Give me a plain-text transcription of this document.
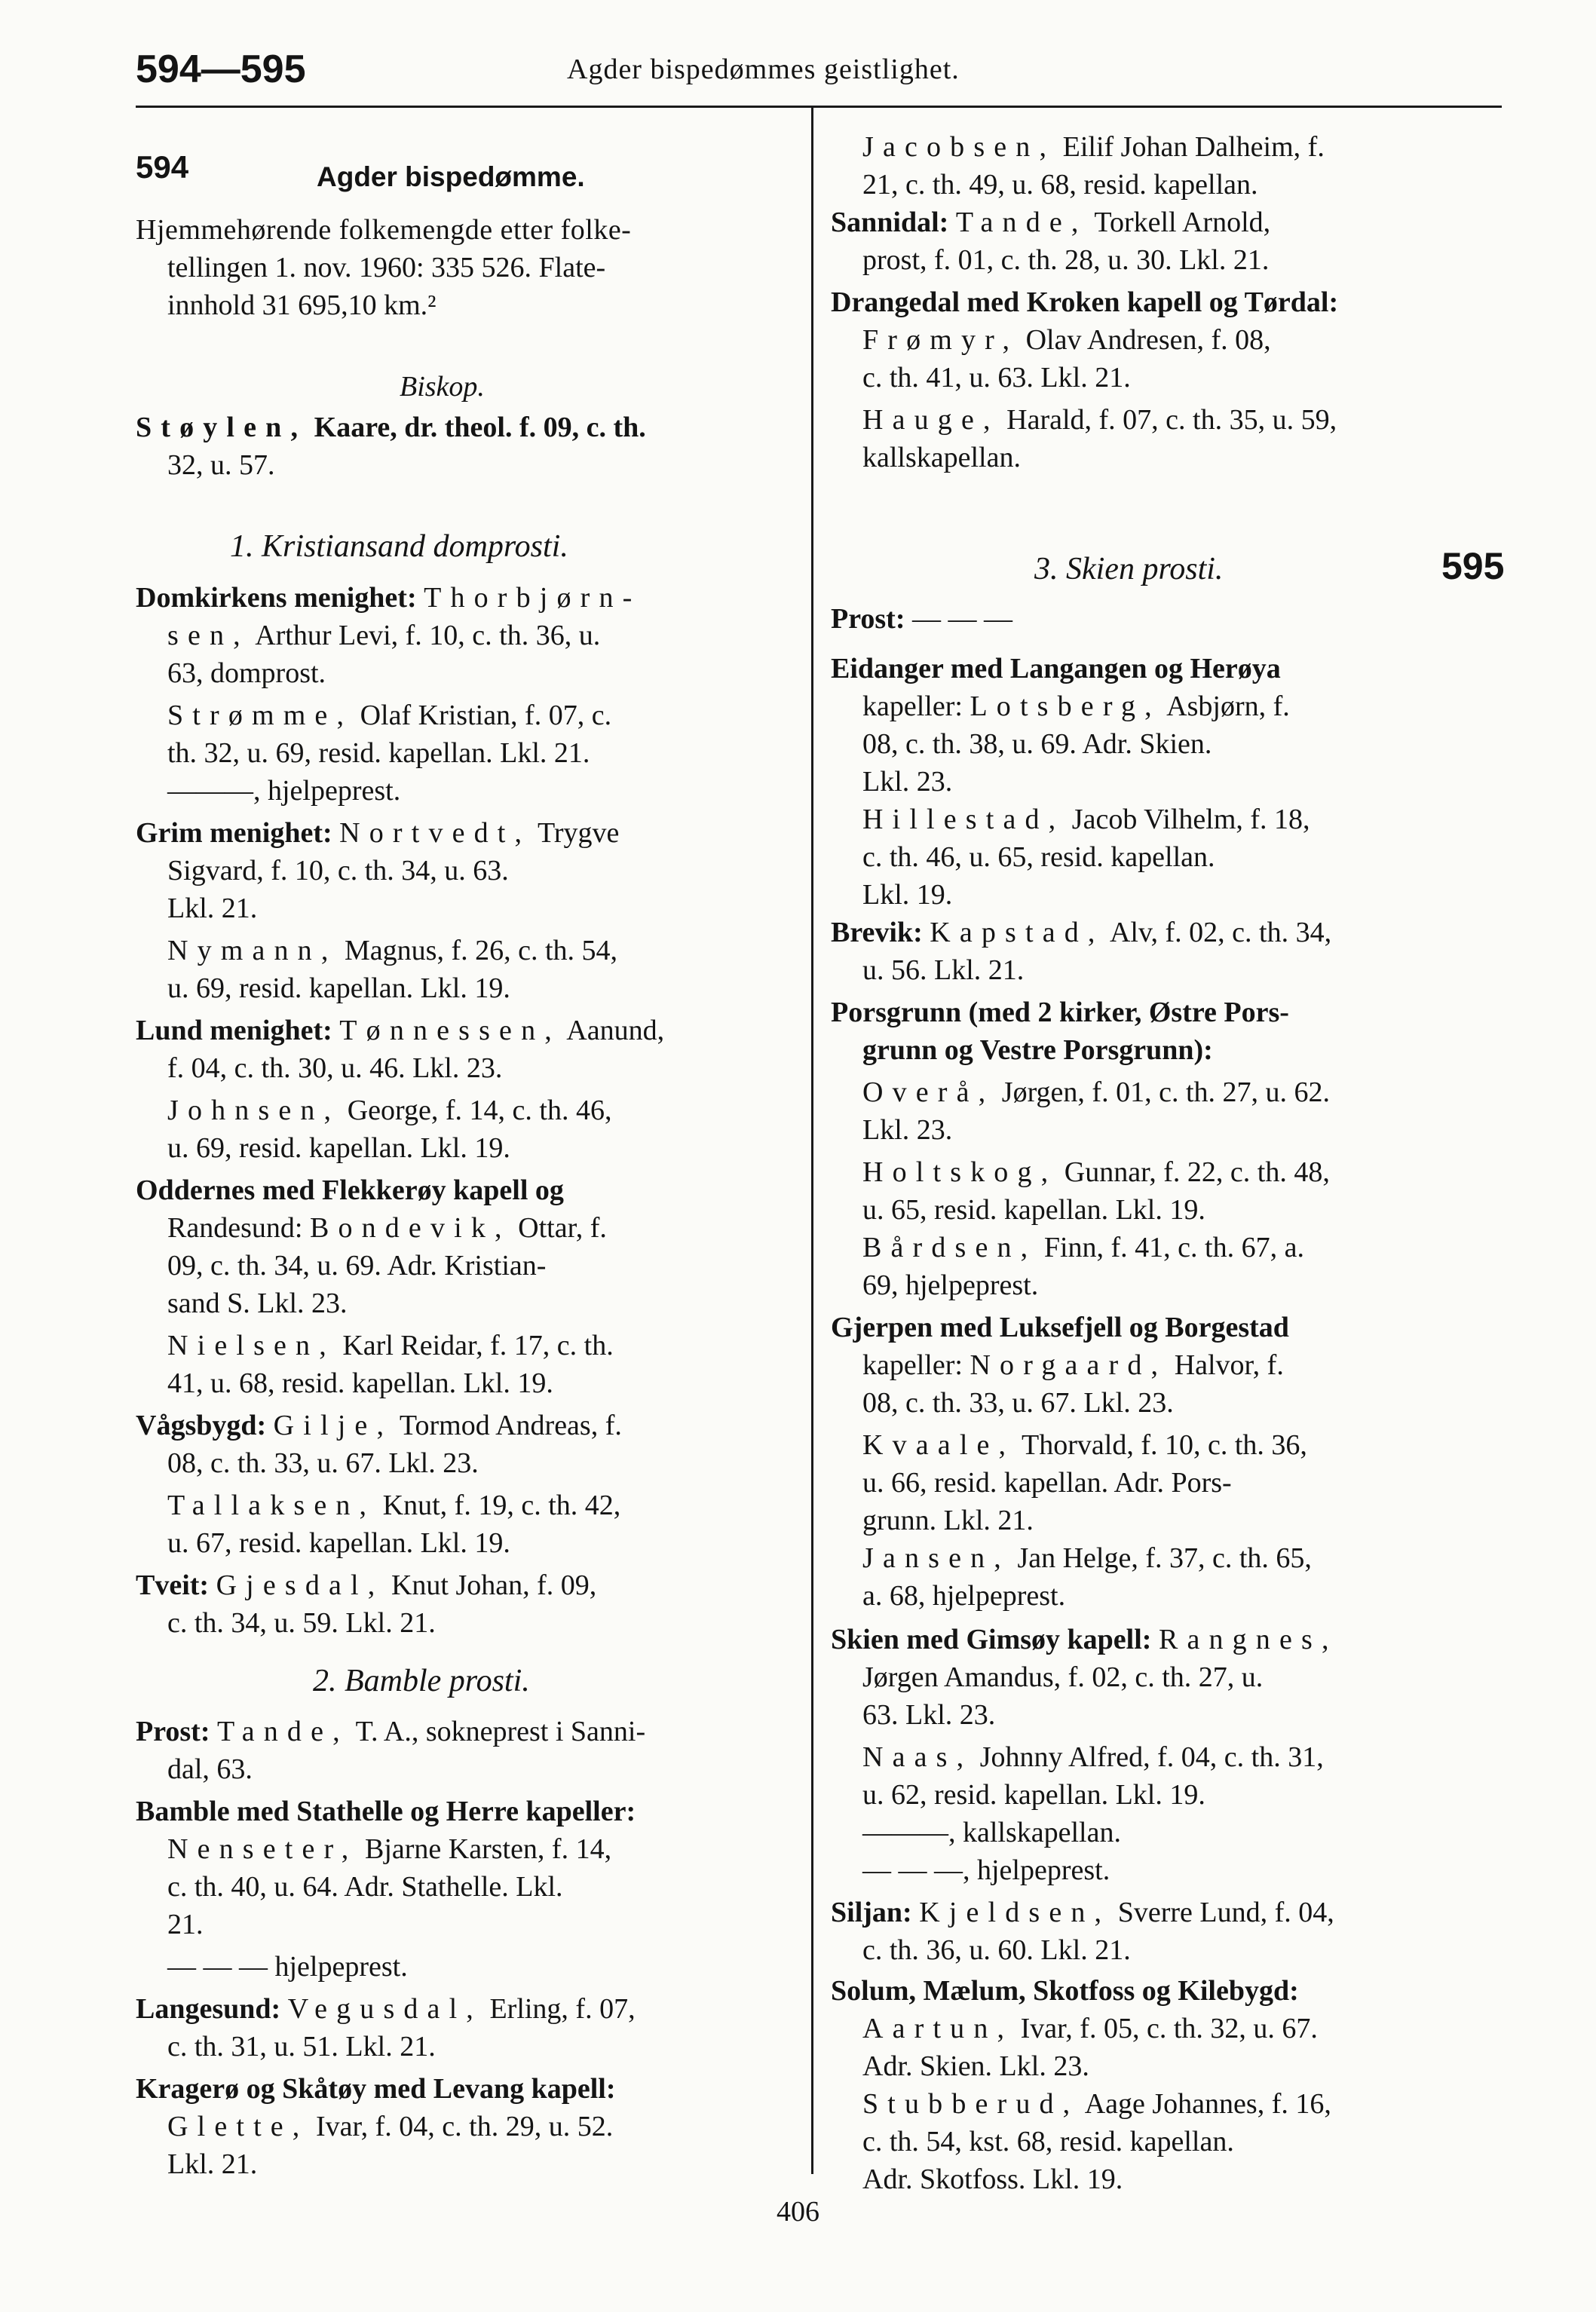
594—595	Agder bispedømmes geistlighet.
594	Agder bispedømme.
Hjemmehørende folkemengde etter folke-
tellingen 1. nov. 1960: 335 526. Flate-
innhold 31 695,10 km.²
Biskop.
Støylen, Kaare, dr. theol. f. 09, c. th.
32, u. 57.
1. Kristiansand domprosti.
Domkirkens menighet: Thorbjørn-
sen, Arthur Levi, f. 10, c. th. 36, u.
63, domprost.
Strømme, Olaf Kristian, f. 07, c.
th. 32, u. 69, resid. kapellan. Lkl. 21.
———, hjelpeprest.
Grim menighet: Nortvedt, Trygve
Sigvard, f. 10, c. th. 34, u. 63.
Lkl. 21.
Nymann, Magnus, f. 26, c. th. 54,
u. 69, resid. kapellan. Lkl. 19.
Lund menighet: Tønnessen, Aanund,
f. 04, c. th. 30, u. 46. Lkl. 23.
Johnsen, George, f. 14, c. th. 46,
u. 69, resid. kapellan. Lkl. 19.
Oddernes med Flekkerøy kapell og
Randesund: Bondevik, Ottar, f.
09, c. th. 34, u. 69. Adr. Kristian-
sand S. Lkl. 23.
Nielsen, Karl Reidar, f. 17, c. th.
41, u. 68, resid. kapellan. Lkl. 19.
Vågsbygd: Gilje, Tormod Andreas, f.
08, c. th. 33, u. 67. Lkl. 23.
Tallaksen, Knut, f. 19, c. th. 42,
u. 67, resid. kapellan. Lkl. 19.
Tveit: Gjesdal, Knut Johan, f. 09,
c. th. 34, u. 59. Lkl. 21.
2. Bamble prosti.
Prost: Tande, T. A., sokneprest i Sanni-
dal, 63.
Bamble med Stathelle og Herre kapeller:
Nenseter, Bjarne Karsten, f. 14,
c. th. 40, u. 64. Adr. Stathelle. Lkl.
21.
— — — hjelpeprest.
Langesund: Vegusdal, Erling, f. 07,
c. th. 31, u. 51. Lkl. 21.
Kragerø og Skåtøy med Levang kapell:
Glette, Ivar, f. 04, c. th. 29, u. 52.
Lkl. 21.
Jacobsen, Eilif Johan Dalheim, f.
21, c. th. 49, u. 68, resid. kapellan.
Sannidal: Tande, Torkell Arnold,
prost, f. 01, c. th. 28, u. 30. Lkl. 21.
Drangedal med Kroken kapell og Tørdal:
Frømyr, Olav Andresen, f. 08,
c. th. 41, u. 63. Lkl. 21.
Hauge, Harald, f. 07, c. th. 35, u. 59,
kallskapellan.
3. Skien prosti.	595
Prost: — — —
Eidanger med Langangen og Herøya
kapeller: Lotsberg, Asbjørn, f.
08, c. th. 38, u. 69. Adr. Skien.
Lkl. 23.
Hillestad, Jacob Vilhelm, f. 18,
c. th. 46, u. 65, resid. kapellan.
Lkl. 19.
Brevik: Kapstad, Alv, f. 02, c. th. 34,
u. 56. Lkl. 21.
Porsgrunn (med 2 kirker, Østre Pors-
grunn og Vestre Porsgrunn):
Overå, Jørgen, f. 01, c. th. 27, u. 62.
Lkl. 23.
Holtskog, Gunnar, f. 22, c. th. 48,
u. 65, resid. kapellan. Lkl. 19.
Bårdsen, Finn, f. 41, c. th. 67, a.
69, hjelpeprest.
Gjerpen med Luksefjell og Borgestad
kapeller: Norgaard, Halvor, f.
08, c. th. 33, u. 67. Lkl. 23.
Kvaale, Thorvald, f. 10, c. th. 36,
u. 66, resid. kapellan. Adr. Pors-
grunn. Lkl. 21.
Jansen, Jan Helge, f. 37, c. th. 65,
a. 68, hjelpeprest.
Skien med Gimsøy kapell: Rangnes,
Jørgen Amandus, f. 02, c. th. 27, u.
63. Lkl. 23.
Naas, Johnny Alfred, f. 04, c. th. 31,
u. 62, resid. kapellan. Lkl. 19.
———, kallskapellan.
— — —, hjelpeprest.
Siljan: Kjeldsen, Sverre Lund, f. 04,
c. th. 36, u. 60. Lkl. 21.
Solum, Mælum, Skotfoss og Kilebygd:
Aartun, Ivar, f. 05, c. th. 32, u. 67.
Adr. Skien. Lkl. 23.
Stubberud, Aage Johannes, f. 16,
c. th. 54, kst. 68, resid. kapellan.
Adr. Skotfoss. Lkl. 19.
406
